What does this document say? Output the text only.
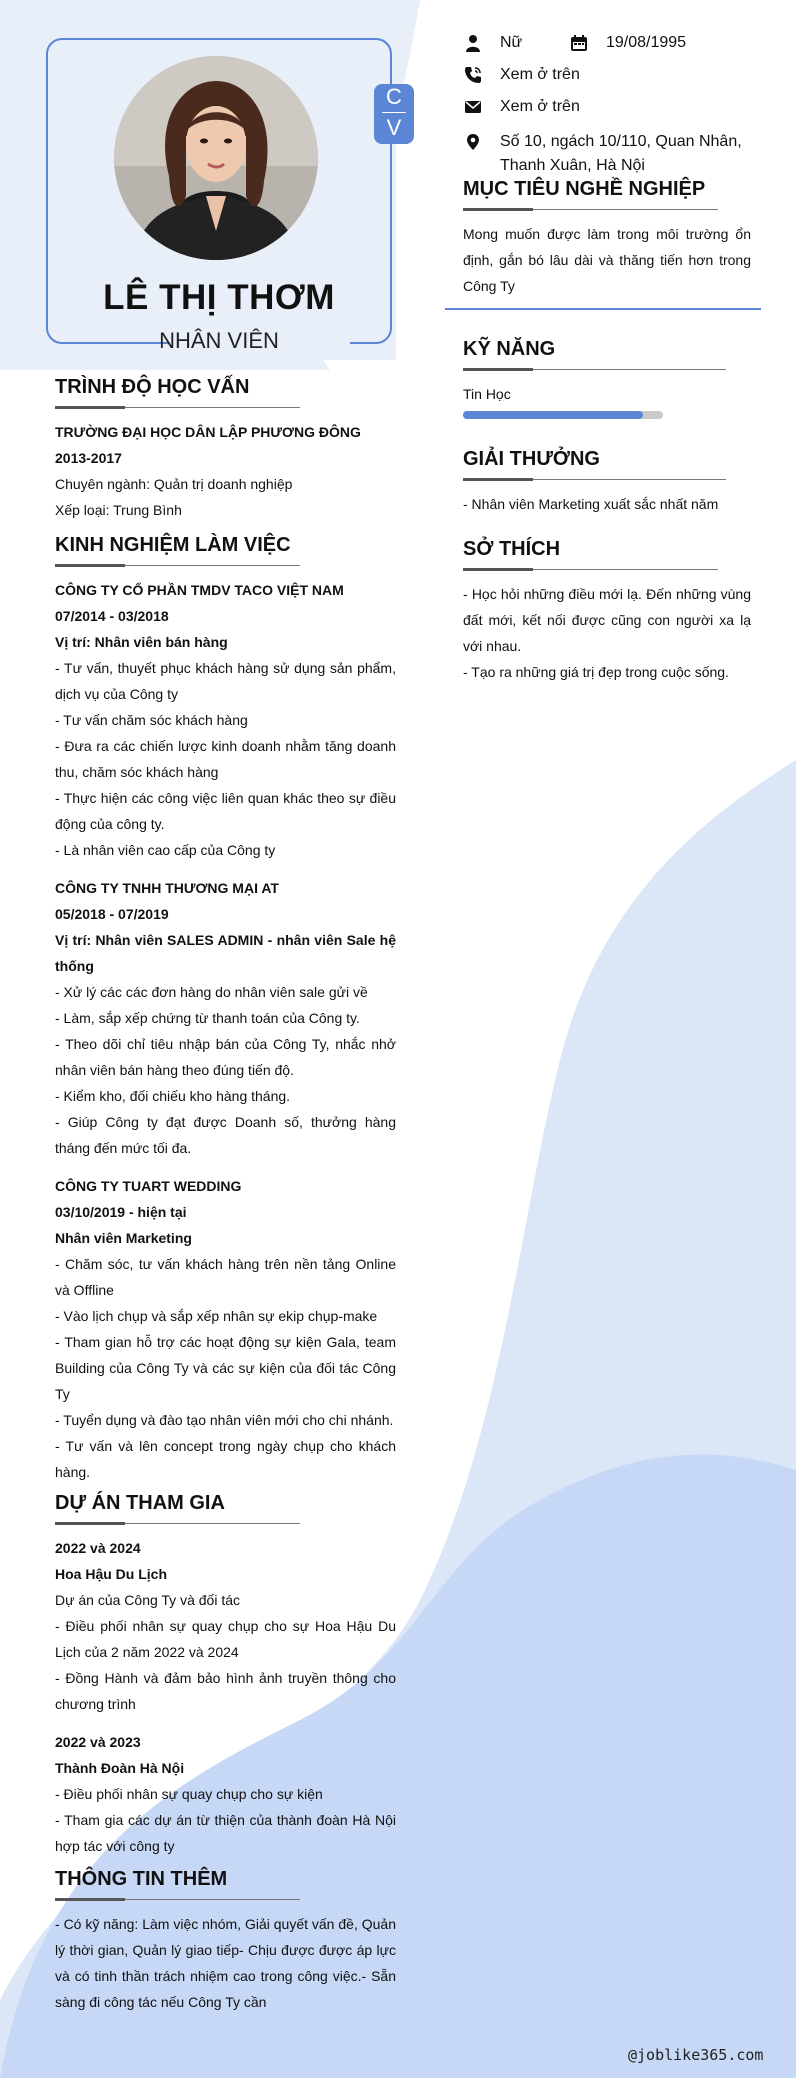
C
V
LÊ THỊ THƠM
NHÂN VIÊN
Nữ	19/08/1995
Xem ở trên
Xem ở trên
Số 10, ngách 10/110, Quan Nhân,
Thanh Xuân, Hà Nội
MỤC TIÊU NGHỀ NGHIỆP
Mong muốn được làm trong môi trường ổn định, gắn bó lâu dài và thăng tiến hơn trong Công Ty
KỸ NĂNG
Tin Học
GIẢI THƯỞNG
- Nhân viên Marketing xuất sắc nhất năm
SỞ THÍCH
- Học hỏi những điều mới lạ. Đến những vùng đất mới, kết nối được cũng con người xa lạ với nhau.
- Tạo ra những giá trị đẹp trong cuộc sống.
TRÌNH ĐỘ HỌC VẤN
TRƯỜNG ĐẠI HỌC DÂN LẬP PHƯƠNG ĐÔNG
2013-2017
Chuyên ngành: Quản trị doanh nghiệp
Xếp loại: Trung Bình
KINH NGHIỆM LÀM VIỆC
CÔNG TY CỔ PHẦN TMDV TACO VIỆT NAM
07/2014 - 03/2018
Vị trí: Nhân viên bán hàng
- Tư vấn, thuyết phục khách hàng sử dụng sản phẩm, dịch vụ của Công ty
- Tư vấn chăm sóc khách hàng
- Đưa ra các chiến lược kinh doanh nhằm tăng doanh thu, chăm sóc khách hàng
- Thực hiện các công việc liên quan khác theo sự điều động của công ty.
- Là nhân viên cao cấp của Công ty
CÔNG TY TNHH THƯƠNG MẠI AT
05/2018 - 07/2019
Vị trí: Nhân viên SALES ADMIN - nhân viên Sale hệ thống
- Xử lý các các đơn hàng do nhân viên sale gửi về
- Làm, sắp xếp chứng từ thanh toán của Công ty.
- Theo dõi chỉ tiêu nhập bán của Công Ty, nhắc nhở nhân viên bán hàng theo đúng tiến độ.
- Kiểm kho, đối chiếu kho hàng tháng.
- Giúp Công ty đạt được Doanh số, thưởng hàng tháng đến mức tối đa.
CÔNG TY TUART WEDDING
03/10/2019 - hiện tại
Nhân viên Marketing
- Chăm sóc, tư vấn khách hàng trên nền tảng Online và Offline
- Vào lịch chụp và sắp xếp nhân sự ekip chụp-make
- Tham gian hỗ trợ các hoạt động sự kiện Gala, team Building của Công Ty và các sự kiện của đối tác Công Ty
- Tuyển dụng và đào tạo nhân viên mới cho chi nhánh.
- Tư vấn và lên concept trong ngày chụp cho khách hàng.
DỰ ÁN THAM GIA
2022 và 2024
Hoa Hậu Du Lịch
Dự án của Công Ty và đối tác
- Điều phối nhân sự quay chụp cho sự Hoa Hậu Du Lịch của 2 năm 2022 và 2024
- Đồng Hành và đảm bảo hình ảnh truyền thông cho chương trình
2022 và 2023
Thành Đoàn Hà Nội
- Điều phối nhân sự quay chụp cho sự kiện
- Tham gia các dự án từ thiện của thành đoàn Hà Nội hợp tác với công ty
THÔNG TIN THÊM
- Có kỹ năng: Làm việc nhóm, Giải quyết vấn đề, Quản lý thời gian, Quản lý giao tiếp- Chịu được được áp lực và có tinh thần trách nhiệm cao trong công việc.- Sẵn sàng đi công tác nếu Công Ty cần
@joblike365.com
